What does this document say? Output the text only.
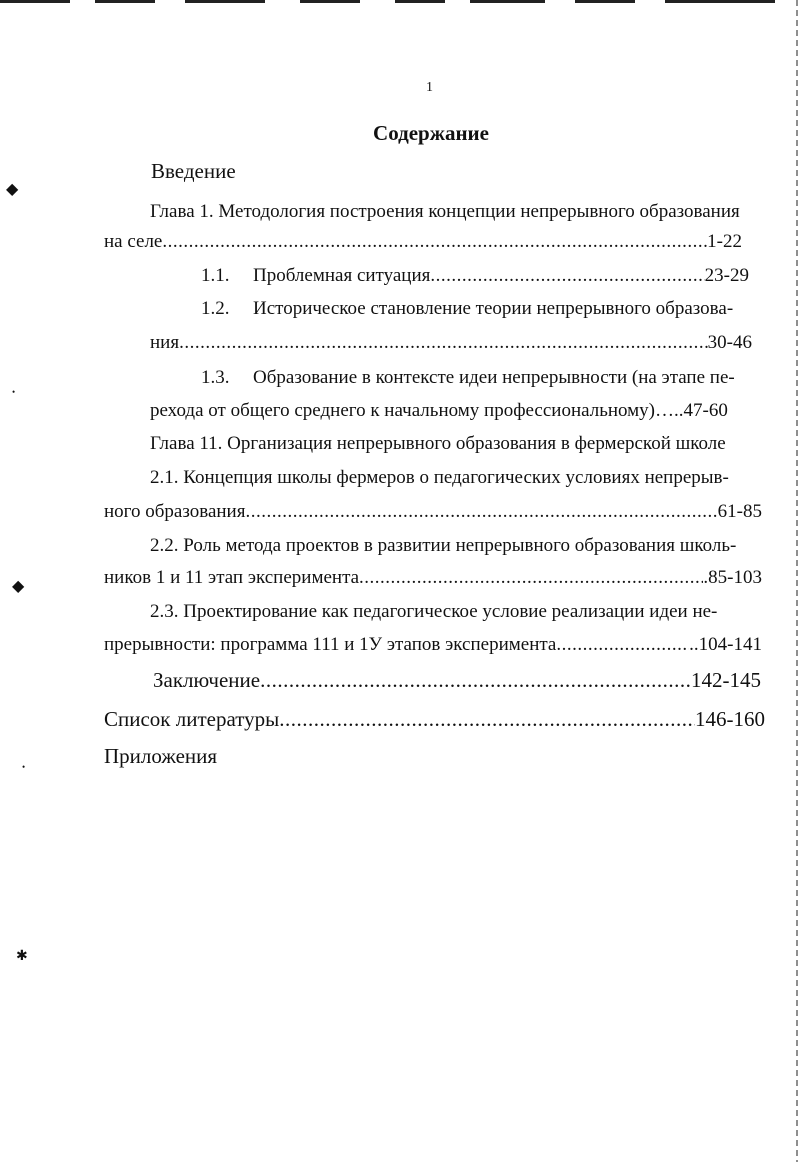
◆
•
◆
•
✱
1
Содержание
Введение
Глава 1. Методология построения концепции непрерывного образования
на селе .....	1-22
1.1.	Проблемная ситуация .....	23-29
1.2. Историческое становление теории непрерывного образова-
ния .....	30-46
1.3. Образование в контексте идеи непрерывности (на этапе пе-
рехода от общего среднего к начальному профессиональному)…..47-60
Глава 11. Организация непрерывного образования в фермерской школе
2.1. Концепция школы фермеров о педагогических условиях непрерыв-
ного образования .....	61-85
2.2. Роль метода проектов в развитии непрерывного образования школь-
ников 1 и 11 этап эксперимента .....	.85-103
2.3. Проектирование как педагогическое условие реализации идеи не-
прерывности: программа 111 и 1У этапов эксперимента .....	..104-141
Заключение .....	142-145
Список литературы .....	146-160
Приложения
